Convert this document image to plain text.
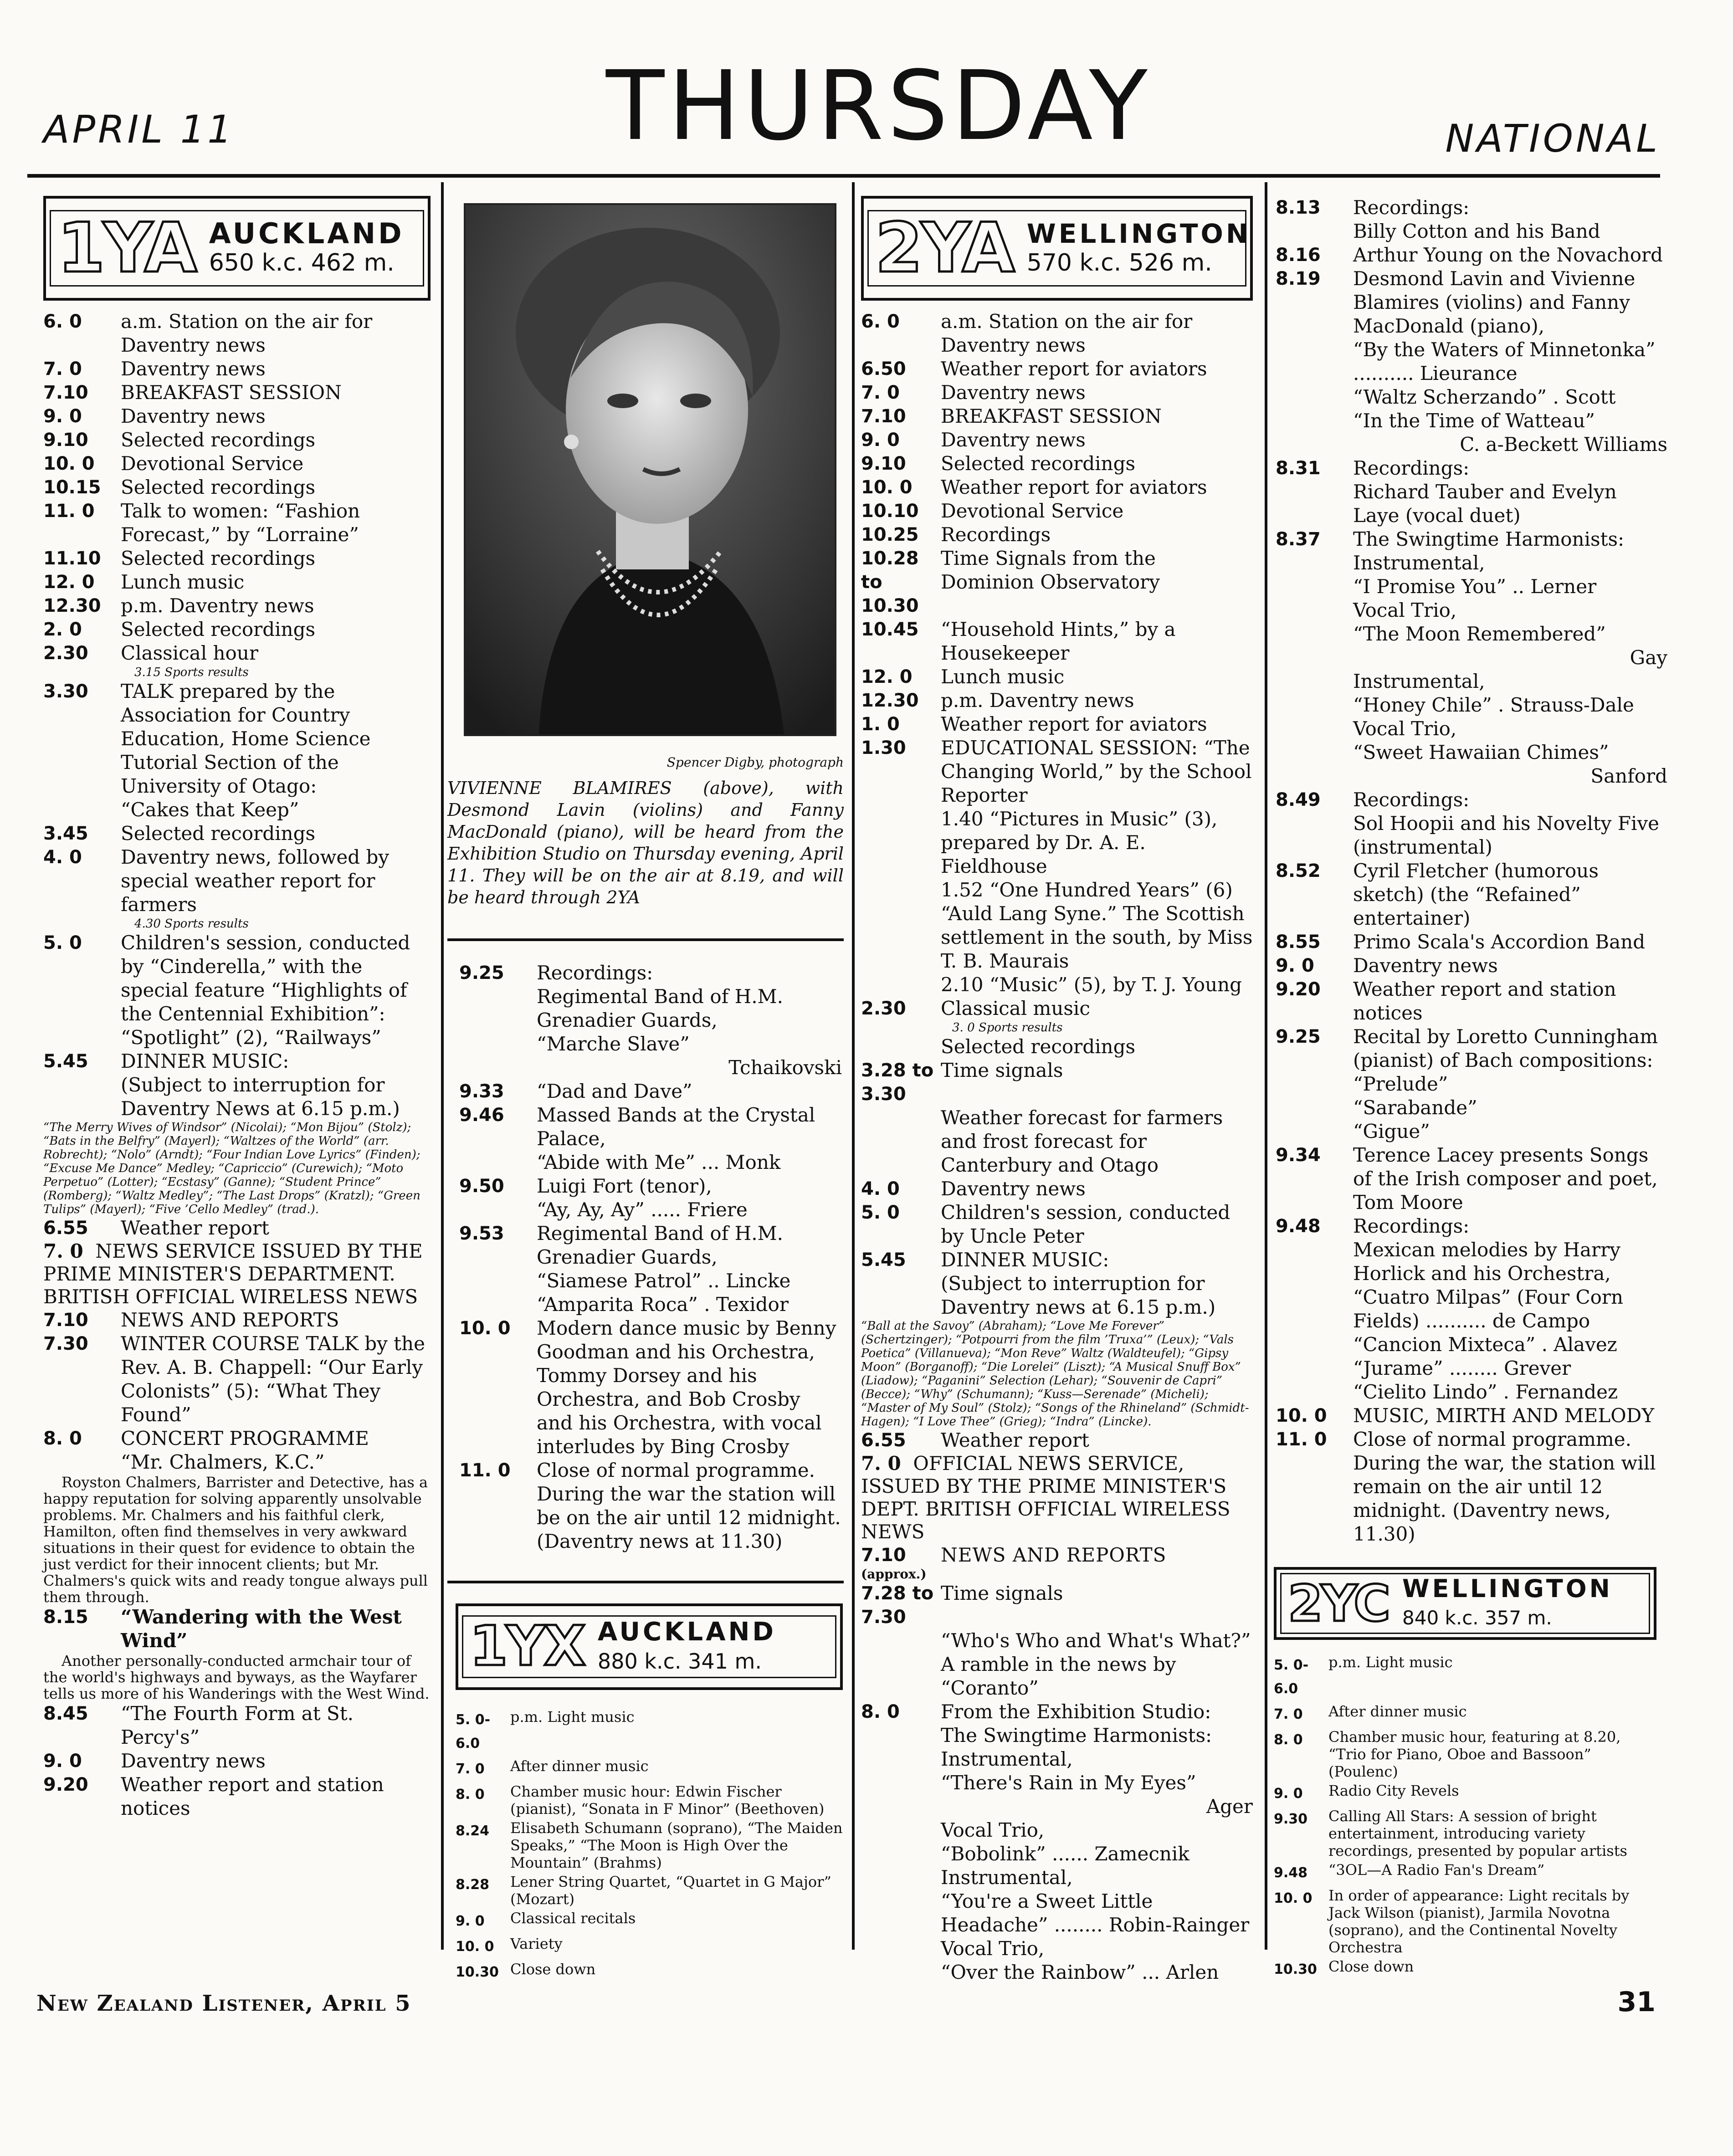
APRIL 11	THURSDAY	NATIONAL
1YA AUCKLAND
650 k.c. 462 m.
6. 0	a.m. Station on the air for Daventry news
7. 0	Daventry news
7.10	BREAKFAST SESSION
9. 0	Daventry news
9.10	Selected recordings
10. 0	Devotional Service
10.15	Selected recordings
11. 0	Talk to women: “Fashion Forecast,” by “Lorraine”
11.10	Selected recordings
12. 0	Lunch music
12.30	p.m. Daventry news
2. 0	Selected recordings
2.30	Classical hour
3.15 Sports results
3.30	TALK prepared by the Association for Country Education, Home Science Tutorial Section of the University of Otago:
“Cakes that Keep”
3.45	Selected recordings
4. 0	Daventry news, followed by special weather report for farmers
4.30 Sports results
5. 0	Children's session, conducted by “Cinderella,” with the special feature “Highlights of the Centennial Exhibition”: “Spotlight” (2), “Railways”
5.45	DINNER MUSIC:
(Subject to interruption for Daventry News at 6.15 p.m.)
“The Merry Wives of Windsor” (Nicolai); “Mon Bijou” (Stolz); “Bats in the Belfry” (Mayerl); “Waltzes of the World” (arr. Robrecht); “Nolo” (Arndt); “Four Indian Love Lyrics” (Finden); “Excuse Me Dance” Medley; “Capriccio” (Curewich); “Moto Perpetuo” (Lotter); “Ecstasy” (Ganne); “Student Prince” (Romberg); “Waltz Medley”; “The Last Drops” (Kratzl); “Green Tulips” (Mayerl); “Five ’Cello Medley” (trad.).
6.55	Weather report
7. 0 NEWS SERVICE ISSUED BY THE PRIME MINISTER'S DEPARTMENT. BRITISH OFFICIAL WIRELESS NEWS
7.10	NEWS AND REPORTS
7.30	WINTER COURSE TALK by the Rev. A. B. Chappell: “Our Early Colonists” (5): “What They Found”
8. 0	CONCERT PROGRAMME
“Mr. Chalmers, K.C.”
Royston Chalmers, Barrister and Detective, has a happy reputation for solving apparently unsolvable problems. Mr. Chalmers and his faithful clerk, Hamilton, often find themselves in very awkward situations in their quest for evidence to obtain the just verdict for their innocent clients; but Mr. Chalmers's quick wits and ready tongue always pull them through.
8.15	“Wandering with the West Wind”
Another personally-conducted armchair tour of the world's highways and byways, as the Wayfarer tells us more of his Wanderings with the West Wind.
8.45	“The Fourth Form at St. Percy's”
9. 0	Daventry news
9.20	Weather report and station notices
Spencer Digby, photograph
VIVIENNE BLAMIRES (above), with Desmond Lavin (violins) and Fanny MacDonald (piano), will be heard from the Exhibition Studio on Thursday evening, April 11. They will be on the air at 8.19, and will be heard through 2YA
9.25	Recordings:
Regimental Band of H.M. Grenadier Guards,
“Marche Slave”
Tchaikovski
9.33	“Dad and Dave”
9.46	Massed Bands at the Crystal Palace,
“Abide with Me” ... Monk
9.50	Luigi Fort (tenor),
“Ay, Ay, Ay” ..... Friere
9.53	Regimental Band of H.M. Grenadier Guards,
“Siamese Patrol” .. Lincke
“Amparita Roca” . Texidor
10. 0	Modern dance music by Benny Goodman and his Orchestra, Tommy Dorsey and his Orchestra, and Bob Crosby and his Orchestra, with vocal interludes by Bing Crosby
11. 0	Close of normal programme. During the war the station will be on the air until 12 midnight. (Daventry news at 11.30)
1YX AUCKLAND
880 k.c. 341 m.
5. 0-6.0
p.m. Light music
7. 0	After dinner music
8. 0	Chamber music hour: Edwin Fischer (pianist), “Sonata in F Minor” (Beethoven)
8.24	Elisabeth Schumann (soprano), “The Maiden Speaks,” “The Moon is High Over the Mountain” (Brahms)
8.28	Lener String Quartet, “Quartet in G Major” (Mozart)
9. 0	Classical recitals
10. 0	Variety
10.30 Close down
2YA WELLINGTON
570 k.c. 526 m.
6. 0	a.m. Station on the air for Daventry news
6.50	Weather report for aviators
7. 0	Daventry news
7.10	BREAKFAST SESSION
9. 0	Daventry news
9.10	Selected recordings
10. 0	Weather report for aviators
10.10	Devotional Service
10.25	Recordings
10.28 to 10.30
Time Signals from the Dominion Observatory
10.45	“Household Hints,” by a Housekeeper
12. 0	Lunch music
12.30	p.m. Daventry news
1. 0	Weather report for aviators
1.30	EDUCATIONAL SESSION: “The Changing World,” by the School Reporter
1.40 “Pictures in Music” (3), prepared by Dr. A. E. Fieldhouse
1.52 “One Hundred Years” (6) “Auld Lang Syne.” The Scottish settlement in the south, by Miss T. B. Maurais
2.10 “Music” (5), by T. J. Young
2.30	Classical music
3. 0 Sports results
Selected recordings
3.28 to 3.30
Time signals
Weather forecast for farmers and frost forecast for Canterbury and Otago
4. 0	Daventry news
5. 0	Children's session, conducted by Uncle Peter
5.45	DINNER MUSIC:
(Subject to interruption for Daventry news at 6.15 p.m.)
“Ball at the Savoy” (Abraham); “Love Me Forever” (Schertzinger); “Potpourri from the film ’Truxa’” (Leux); “Vals Poetica” (Villanueva); “Mon Reve” Waltz (Waldteufel); “Gipsy Moon” (Borganoff); “Die Lorelei” (Liszt); “A Musical Snuff Box” (Liadow); “Paganini” Selection (Lehar); “Souvenir de Capri” (Becce); “Why” (Schumann); “Kuss—Serenade” (Micheli); “Master of My Soul” (Stolz); “Songs of the Rhineland” (Schmidt-Hagen); “I Love Thee” (Grieg); “Indra” (Lincke).
6.55	Weather report
7. 0 OFFICIAL NEWS SERVICE, ISSUED BY THE PRIME MINISTER'S DEPT. BRITISH OFFICIAL WIRELESS NEWS
7.10	NEWS AND REPORTS
(approx.)
7.28 to 7.30
Time signals
“Who's Who and What's What?” A ramble in the news by “Coranto”
8. 0	From the Exhibition Studio: The Swingtime Harmonists: Instrumental,
“There's Rain in My Eyes”
Ager
Vocal Trio,
“Bobolink” ...... Zamecnik
Instrumental,
“You're a Sweet Little Headache” ........ Robin-Rainger
Vocal Trio,
“Over the Rainbow” ... Arlen
8.13	Recordings:
Billy Cotton and his Band
8.16	Arthur Young on the Novachord
8.19	Desmond Lavin and Vivienne Blamires (violins) and Fanny MacDonald (piano),
“By the Waters of Minnetonka” .......... Lieurance
“Waltz Scherzando” . Scott
“In the Time of Watteau”
C. a-Beckett Williams
8.31	Recordings:
Richard Tauber and Evelyn Laye (vocal duet)
8.37	The Swingtime Harmonists: Instrumental,
“I Promise You” .. Lerner
Vocal Trio,
“The Moon Remembered”
Gay
Instrumental,
“Honey Chile” . Strauss-Dale
Vocal Trio,
“Sweet Hawaiian Chimes”
Sanford
8.49	Recordings:
Sol Hoopii and his Novelty Five (instrumental)
8.52	Cyril Fletcher (humorous sketch) (the “Refained” entertainer)
8.55	Primo Scala's Accordion Band
9. 0	Daventry news
9.20	Weather report and station notices
9.25	Recital by Loretto Cunningham (pianist) of Bach compositions:
“Prelude”
“Sarabande”
“Gigue”
9.34	Terence Lacey presents Songs of the Irish composer and poet, Tom Moore
9.48	Recordings:
Mexican melodies by Harry Horlick and his Orchestra,
“Cuatro Milpas” (Four Corn Fields) .......... de Campo
“Cancion Mixteca” . Alavez
“Jurame” ........ Grever
“Cielito Lindo” . Fernandez
10. 0	MUSIC, MIRTH AND MELODY
11. 0	Close of normal programme. During the war, the station will remain on the air until 12 midnight. (Daventry news, 11.30)
2YC WELLINGTON
840 k.c. 357 m.
5. 0-6.0
p.m. Light music
7. 0	After dinner music
8. 0	Chamber music hour, featuring at 8.20, “Trio for Piano, Oboe and Bassoon” (Poulenc)
9. 0	Radio City Revels
9.30	Calling All Stars: A session of bright entertainment, introducing variety recordings, presented by popular artists
9.48	“3OL—A Radio Fan's Dream”
10. 0	In order of appearance: Light recitals by Jack Wilson (pianist), Jarmila Novotna (soprano), and the Continental Novelty Orchestra
10.30 Close down
New Zealand Listener, April 5	31
